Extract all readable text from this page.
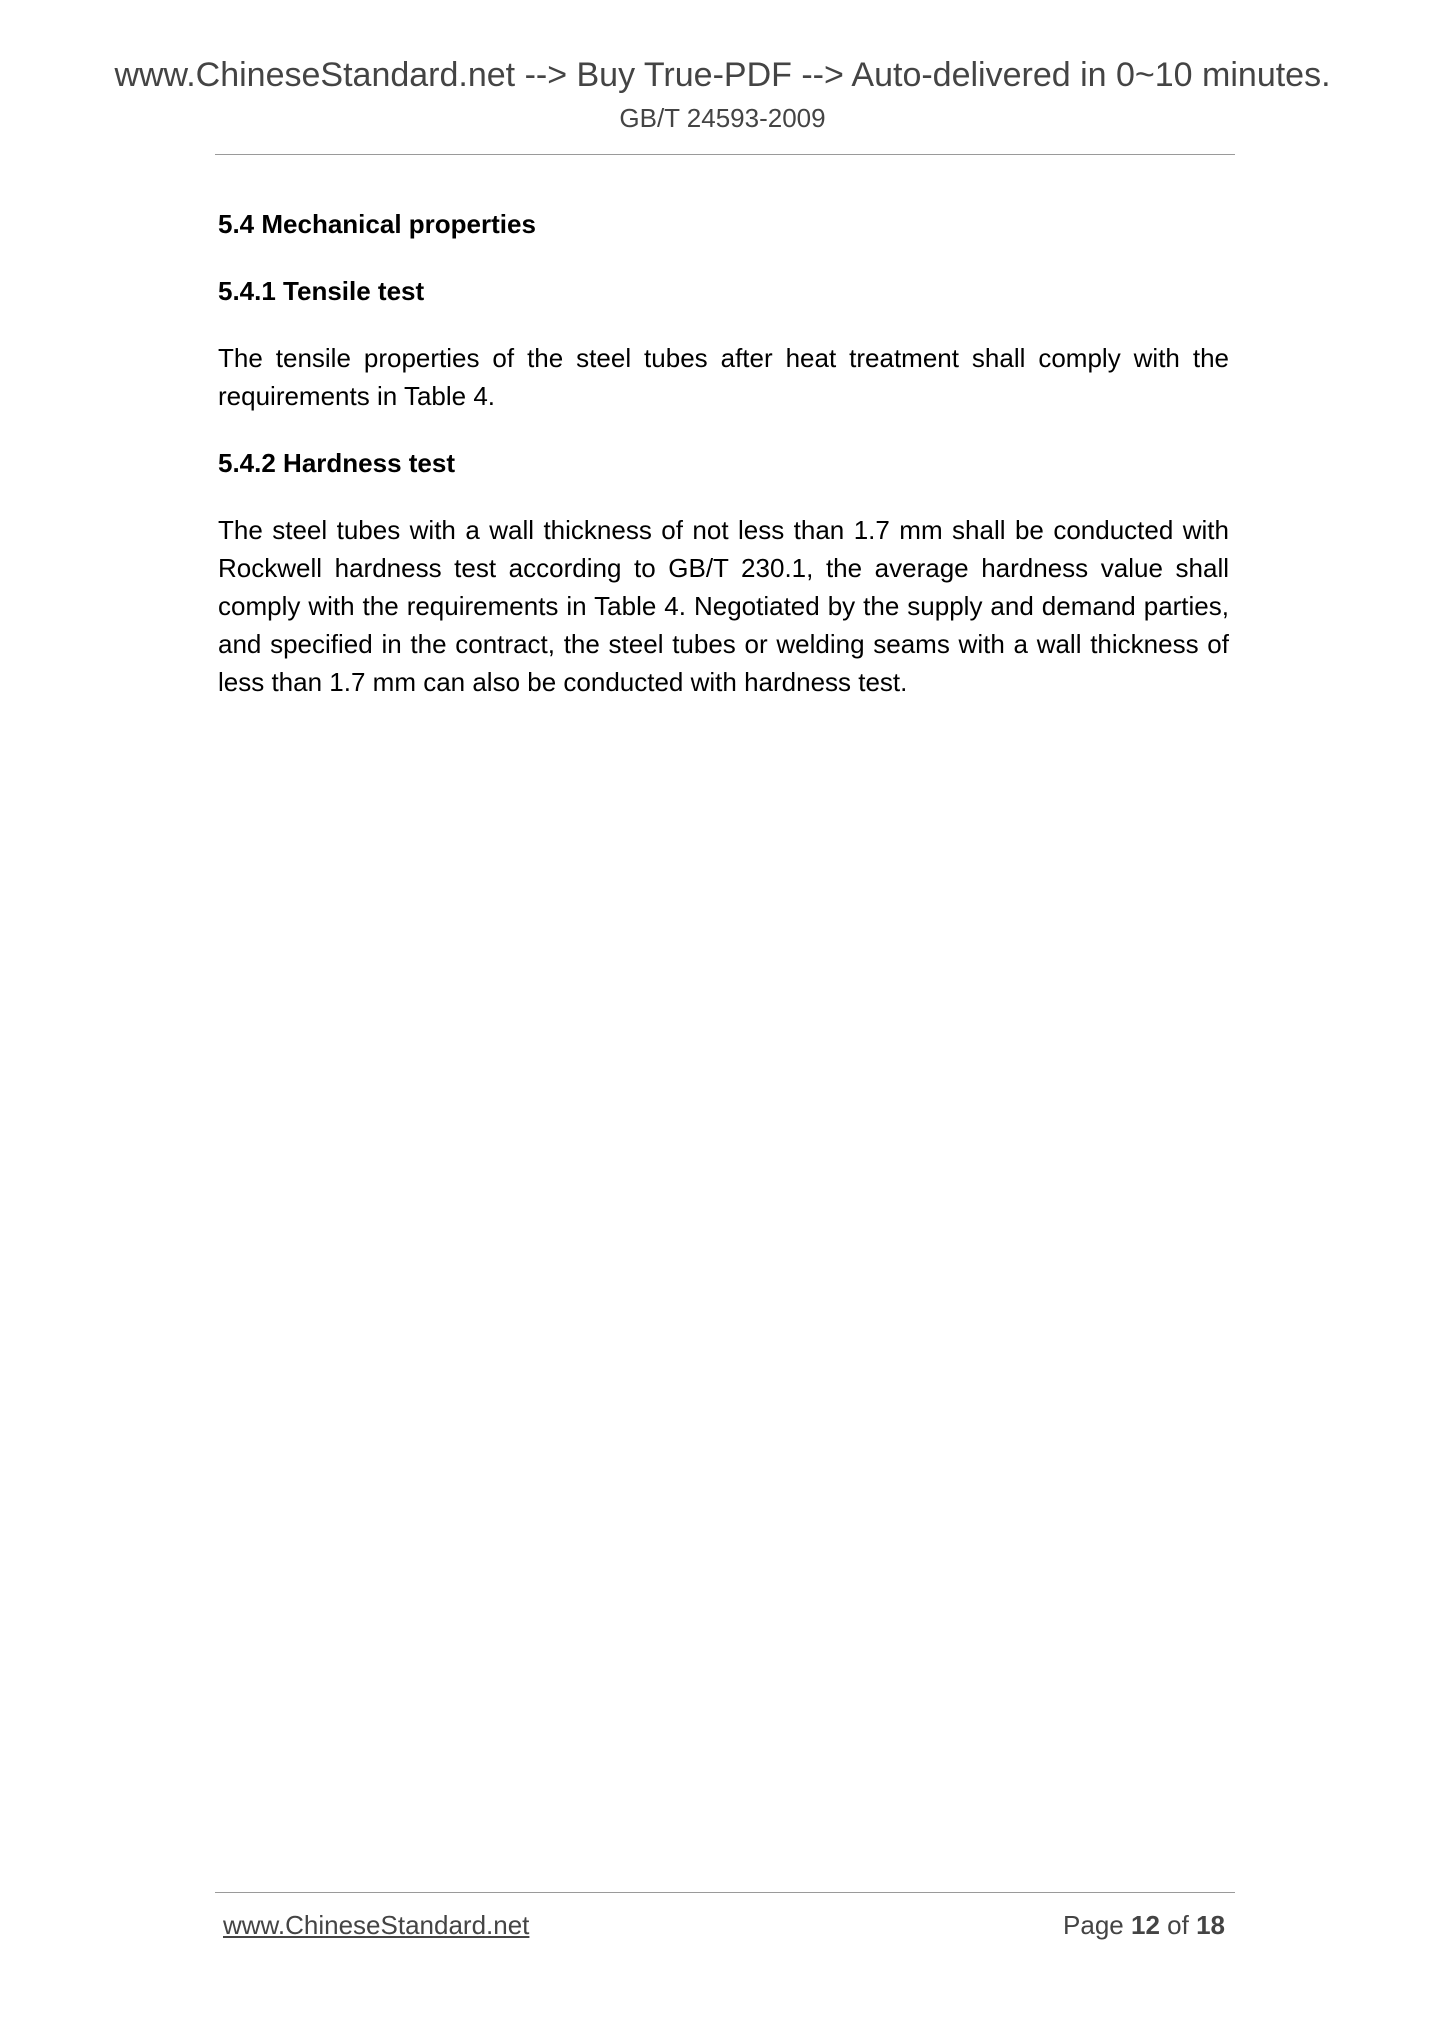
www.ChineseStandard.net --> Buy True-PDF --> Auto-delivered in 0~10 minutes.
GB/T 24593-2009

5.4 Mechanical properties

5.4.1 Tensile test

The tensile properties of the steel tubes after heat treatment shall comply with the requirements in Table 4.

5.4.2 Hardness test

The steel tubes with a wall thickness of not less than 1.7 mm shall be conducted with Rockwell hardness test according to GB/T 230.1, the average hardness value shall comply with the requirements in Table 4. Negotiated by the supply and demand parties, and specified in the contract, the steel tubes or welding seams with a wall thickness of less than 1.7 mm can also be conducted with hardness test.

www.ChineseStandard.net	Page 12 of 18
